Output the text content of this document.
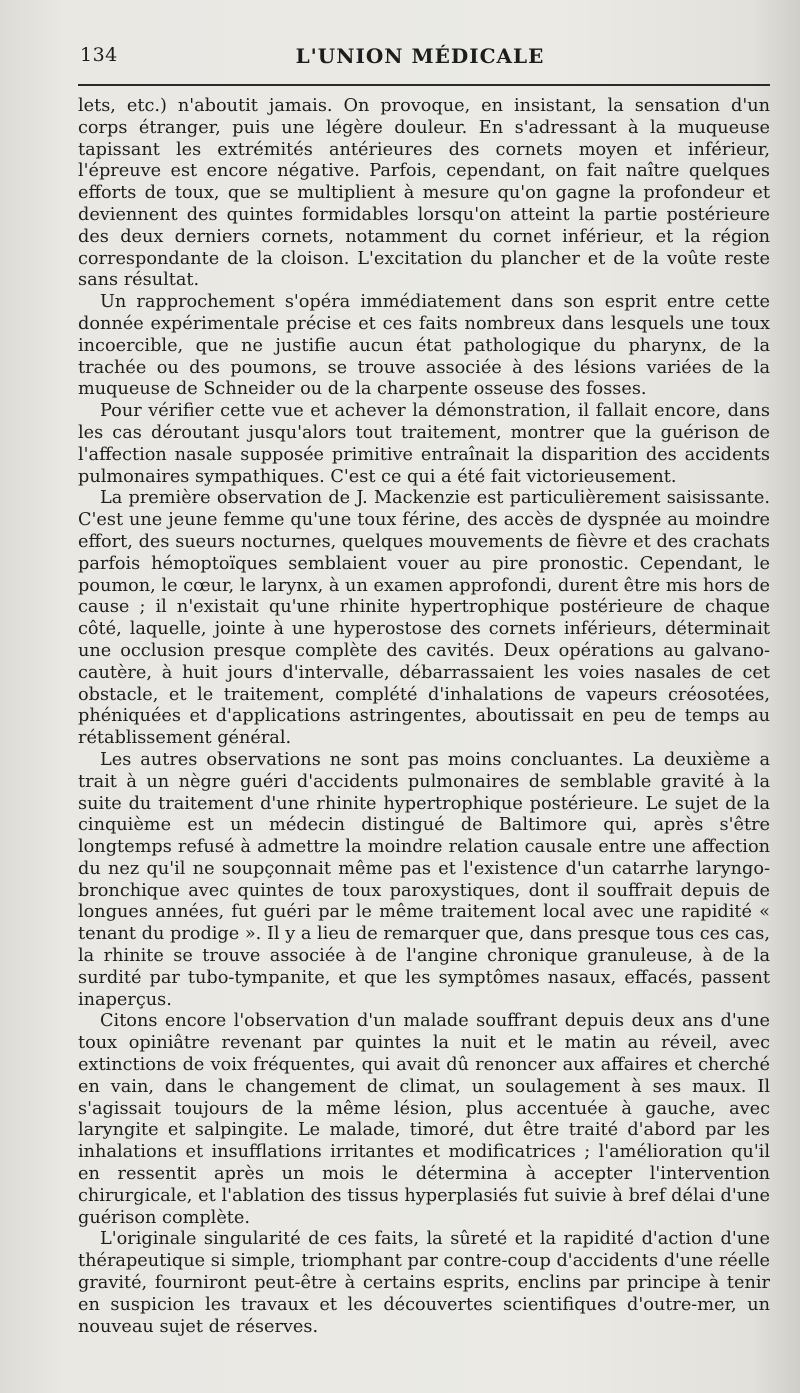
134	L'UNION MÉDICALE

lets, etc.) n'aboutit jamais. On provoque, en insistant, la sensation d'un corps étranger, puis une légère douleur. En s'adressant à la muqueuse tapissant les extrémités antérieures des cornets moyen et inférieur, l'épreuve est encore négative. Parfois, cependant, on fait naître quelques efforts de toux, que se multiplient à mesure qu'on gagne la profondeur et deviennent des quintes formidables lorsqu'on atteint la partie postérieure des deux derniers cornets, notamment du cornet inférieur, et la région correspondante de la cloison. L'excitation du plancher et de la voûte reste sans résultat.

Un rapprochement s'opéra immédiatement dans son esprit entre cette donnée expérimentale précise et ces faits nombreux dans lesquels une toux incoercible, que ne justifie aucun état pathologique du pharynx, de la trachée ou des poumons, se trouve associée à des lésions variées de la muqueuse de Schneider ou de la charpente osseuse des fosses.

Pour vérifier cette vue et achever la démonstration, il fallait encore, dans les cas déroutant jusqu'alors tout traitement, montrer que la guérison de l'affection nasale supposée primitive entraînait la disparition des accidents pulmonaires sympathiques. C'est ce qui a été fait victorieusement.

La première observation de J. Mackenzie est particulièrement saisissante. C'est une jeune femme qu'une toux férine, des accès de dyspnée au moindre effort, des sueurs nocturnes, quelques mouvements de fièvre et des crachats parfois hémoptoïques semblaient vouer au pire pronostic. Cependant, le poumon, le cœur, le larynx, à un examen approfondi, durent être mis hors de cause ; il n'existait qu'une rhinite hypertrophique postérieure de chaque côté, laquelle, jointe à une hyperostose des cornets inférieurs, déterminait une occlusion presque complète des cavités. Deux opérations au galvano-cautère, à huit jours d'intervalle, débarrassaient les voies nasales de cet obstacle, et le traitement, complété d'inhalations de vapeurs créosotées, phéniquées et d'applications astringentes, aboutissait en peu de temps au rétablissement général.

Les autres observations ne sont pas moins concluantes. La deuxième a trait à un nègre guéri d'accidents pulmonaires de semblable gravité à la suite du traitement d'une rhinite hypertrophique postérieure. Le sujet de la cinquième est un médecin distingué de Baltimore qui, après s'être longtemps refusé à admettre la moindre relation causale entre une affection du nez qu'il ne soupçonnait même pas et l'existence d'un catarrhe laryngo-bronchique avec quintes de toux paroxystiques, dont il souffrait depuis de longues années, fut guéri par le même traitement local avec une rapidité « tenant du prodige ». Il y a lieu de remarquer que, dans presque tous ces cas, la rhinite se trouve associée à de l'angine chronique granuleuse, à de la surdité par tubo-tympanite, et que les symptômes nasaux, effacés, passent inaperçus.

Citons encore l'observation d'un malade souffrant depuis deux ans d'une toux opiniâtre revenant par quintes la nuit et le matin au réveil, avec extinctions de voix fréquentes, qui avait dû renoncer aux affaires et cherché en vain, dans le changement de climat, un soulagement à ses maux. Il s'agissait toujours de la même lésion, plus accentuée à gauche, avec laryngite et salpingite. Le malade, timoré, dut être traité d'abord par les inhalations et insufflations irritantes et modificatrices ; l'amélioration qu'il en ressentit après un mois le détermina à accepter l'intervention chirurgicale, et l'ablation des tissus hyperplasiés fut suivie à bref délai d'une guérison complète.

L'originale singularité de ces faits, la sûreté et la rapidité d'action d'une thérapeutique si simple, triomphant par contre-coup d'accidents d'une réelle gravité, fourniront peut-être à certains esprits, enclins par principe à tenir en suspicion les travaux et les découvertes scientifiques d'outre-mer, un nouveau sujet de réserves.
